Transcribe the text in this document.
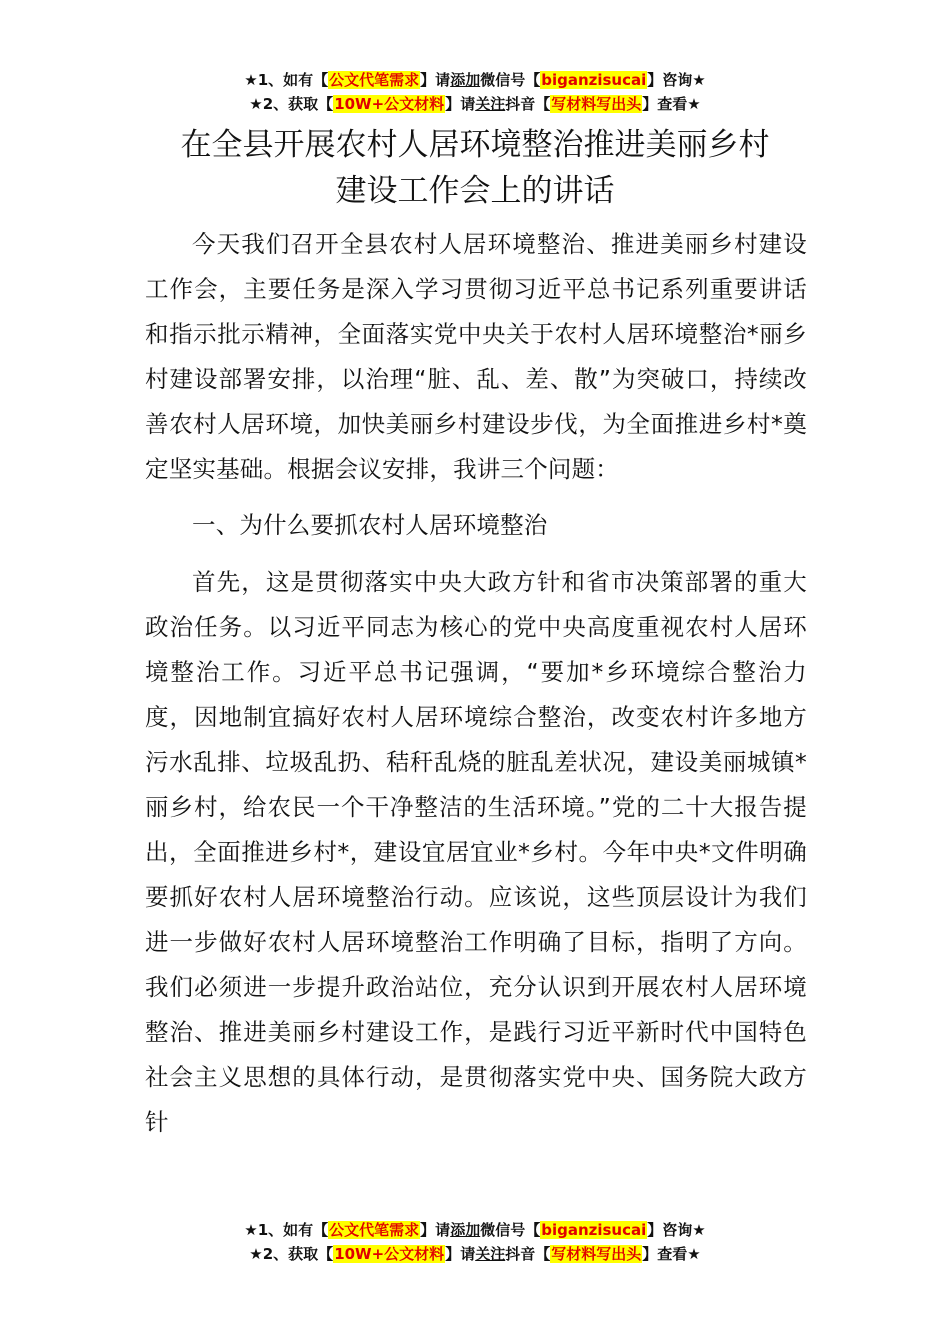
★1、如有【公文代笔需求】请添加微信号【biganzisucai】咨询★
★2、获取【10W+公文材料】请关注抖音【写材料写出头】查看★
在全县开展农村人居环境整治推进美丽乡村
建设工作会上的讲话

今天我们召开全县农村人居环境整治、推进美丽乡村建设工作会，主要任务是深入学习贯彻习近平总书记系列重要讲话和指示批示精神，全面落实党中央关于农村人居环境整治*丽乡村建设部署安排，以治理“脏、乱、差、散”为突破口，持续改善农村人居环境，加快美丽乡村建设步伐，为全面推进乡村*奠定坚实基础。根据会议安排，我讲三个问题：

一、为什么要抓农村人居环境整治

首先，这是贯彻落实中央大政方针和省市决策部署的重大政治任务。以习近平同志为核心的党中央高度重视农村人居环境整治工作。习近平总书记强调，“要加*乡环境综合整治力度，因地制宜搞好农村人居环境综合整治，改变农村许多地方污水乱排、垃圾乱扔、秸秆乱烧的脏乱差状况，建设美丽城镇*丽乡村，给农民一个干净整洁的生活环境。”党的二十大报告提出，全面推进乡村*，建设宜居宜业*乡村。今年中央*文件明确要抓好农村人居环境整治行动。应该说，这些顶层设计为我们进一步做好农村人居环境整治工作明确了目标，指明了方向。我们必须进一步提升政治站位，充分认识到开展农村人居环境整治、推进美丽乡村建设工作，是践行习近平新时代中国特色社会主义思想的具体行动，是贯彻落实党中央、国务院大政方针

★1、如有【公文代笔需求】请添加微信号【biganzisucai】咨询★
★2、获取【10W+公文材料】请关注抖音【写材料写出头】查看★
